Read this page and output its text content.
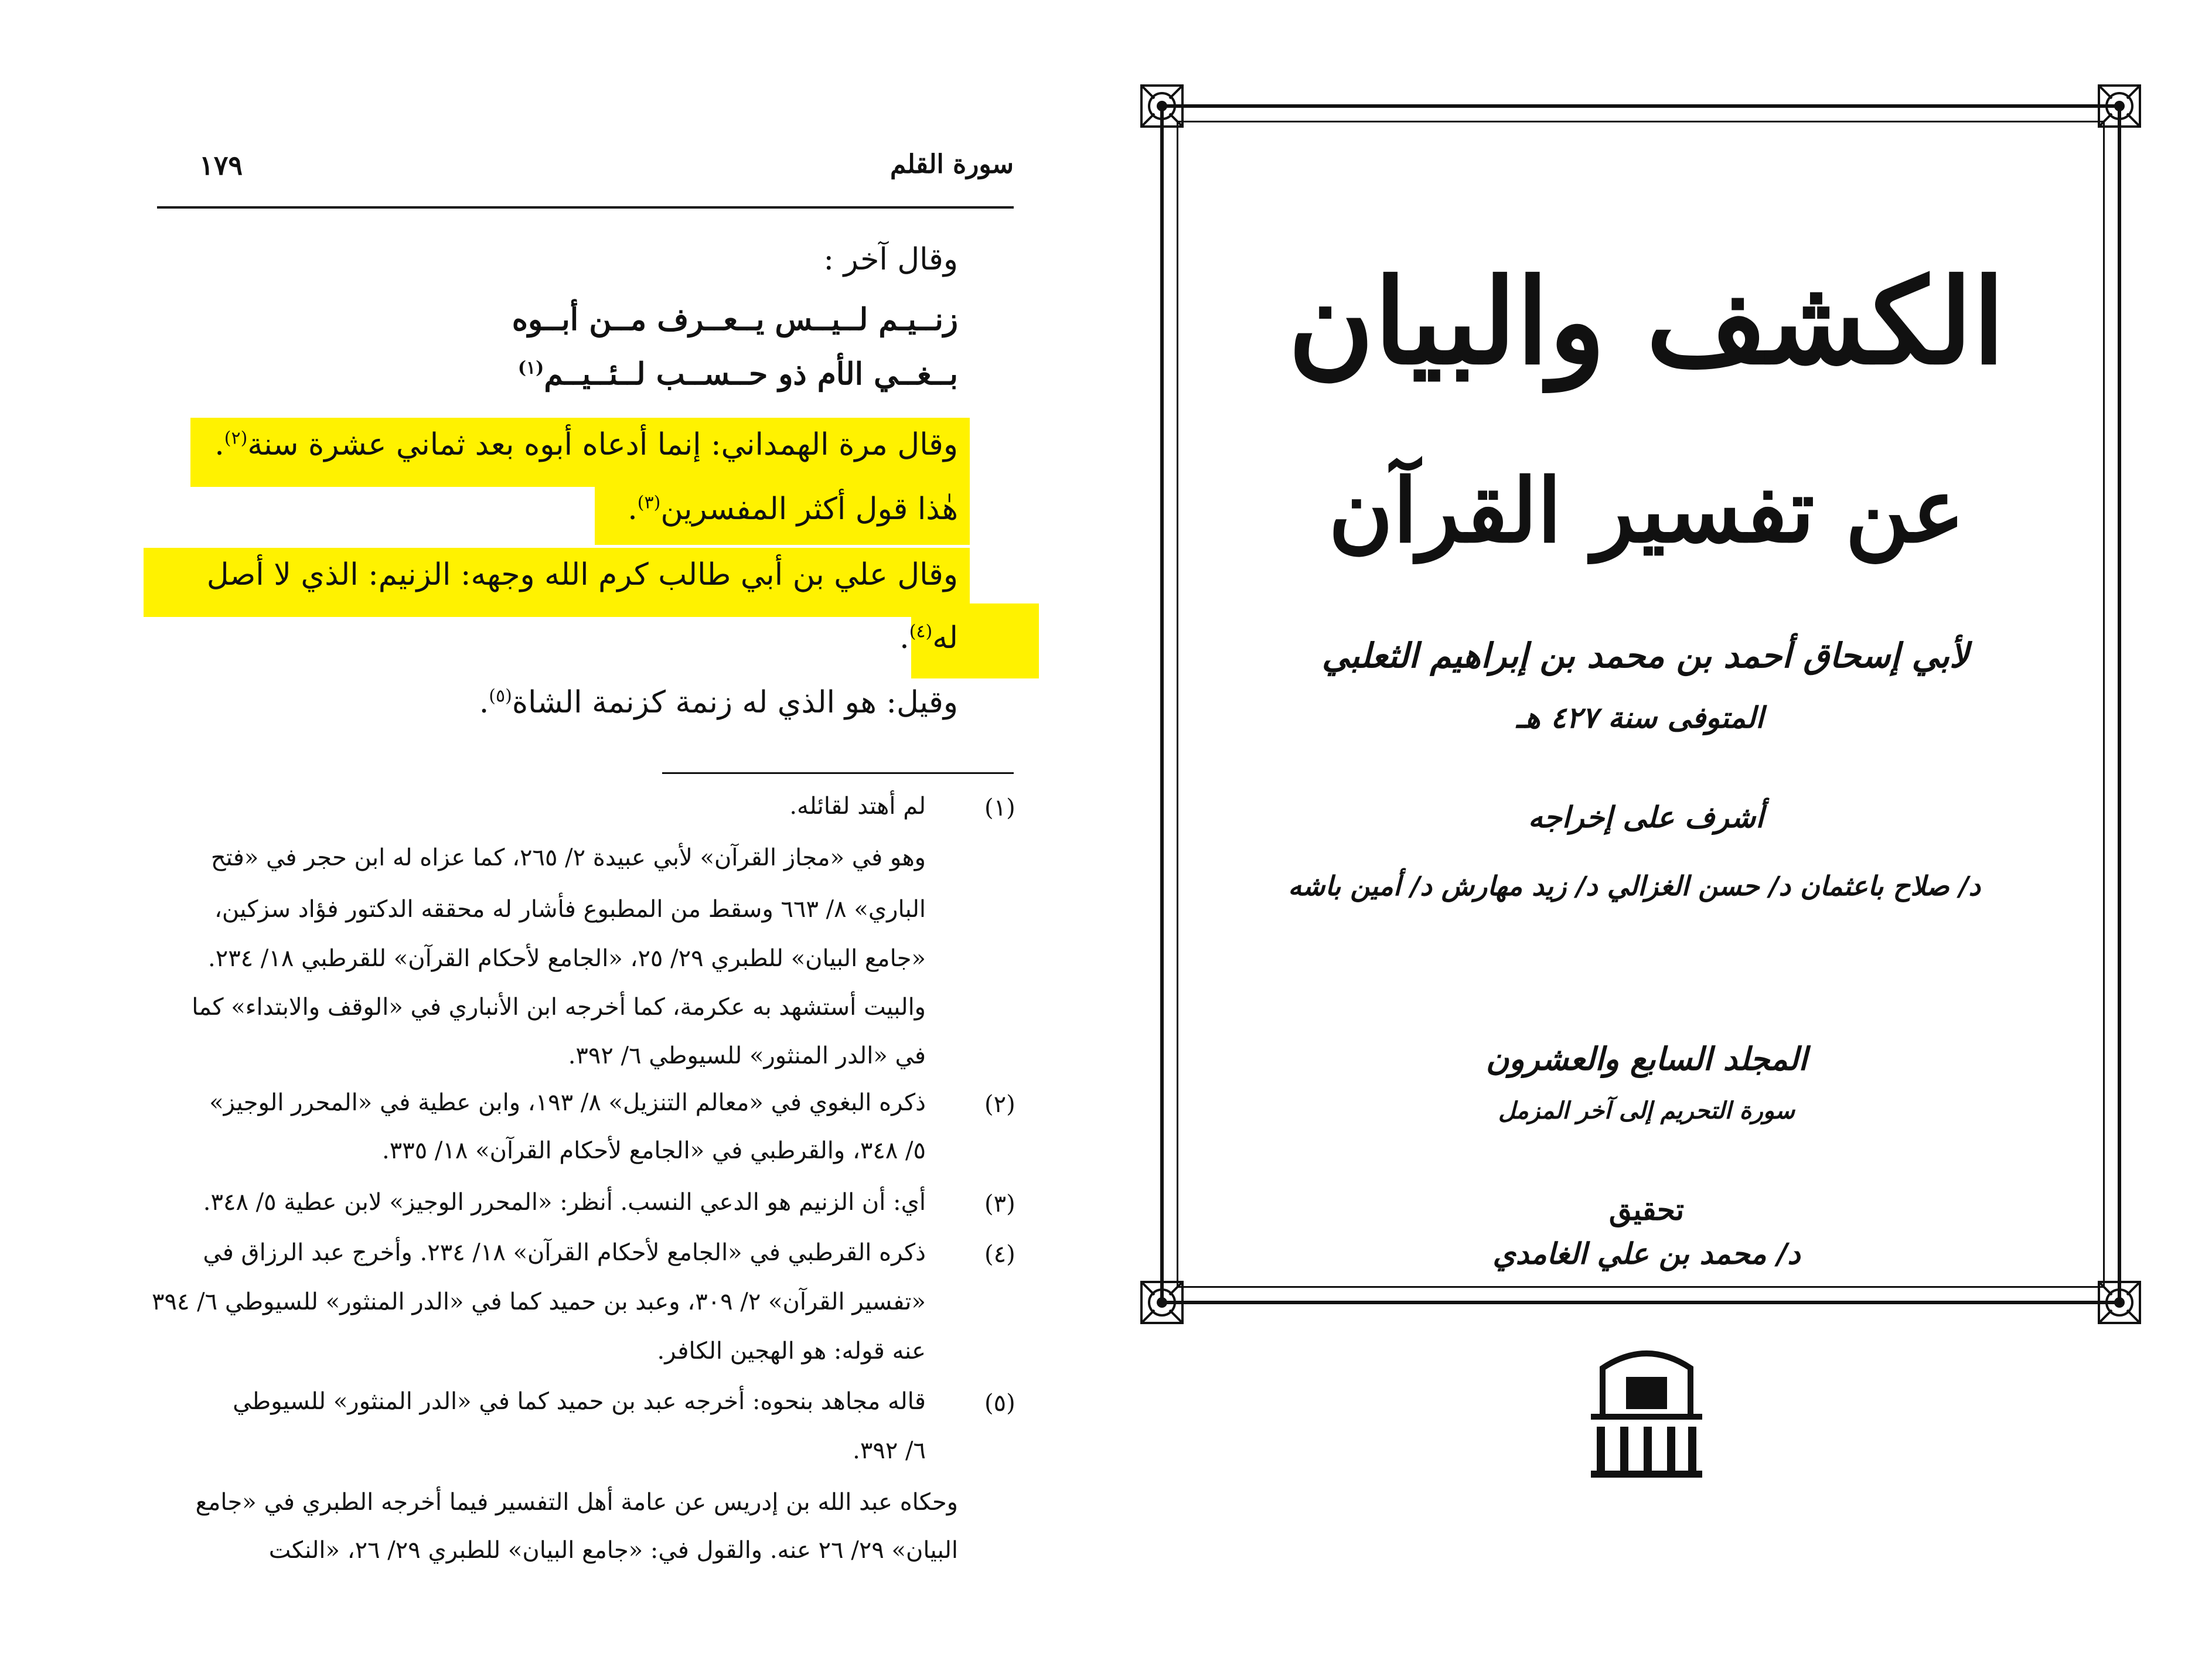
سورة القلم
١٧٩
وقال آخر :
زنــيـم لــيــس يــعــرف مــن أبــوه
بــغــي الأم ذو حــســب لــئــيــم$^{(١)}$
وقال مرة الهمداني: إنما أدعاه أبوه بعد ثماني عشرة سنة$^{(٢)}$.
هٰذا قول أكثر المفسرين$^{(٣)}$.
وقال علي بن أبي طالب كرم الله وجهه: الزنيم: الذي لا أصل
له$^{(٤)}$.
وقيل: هو الذي له زنمة كزنمة الشاة$^{(٥)}$.
(١)
لم أهتد لقائله.
وهو في «مجاز القرآن» لأبي عبيدة ٢/ ٢٦٥، كما عزاه له ابن حجر في «فتح
الباري» ٨/ ٦٦٣ وسقط من المطبوع فأشار له محققه الدكتور فؤاد سزكين،
«جامع البيان» للطبري ٢٩/ ٢٥، «الجامع لأحكام القرآن» للقرطبي ١٨/ ٢٣٤.
والبيت أستشهد به عكرمة، كما أخرجه ابن الأنباري في «الوقف والابتداء» كما
في «الدر المنثور» للسيوطي ٦/ ٣٩٢.
(٢)
ذكره البغوي في «معالم التنزيل» ٨/ ١٩٣، وابن عطية في «المحرر الوجيز»
٥/ ٣٤٨، والقرطبي في «الجامع لأحكام القرآن» ١٨/ ٣٣٥.
(٣)
أي: أن الزنيم هو الدعي النسب. أنظر: «المحرر الوجيز» لابن عطية ٥/ ٣٤٨.
(٤)
ذكره القرطبي في «الجامع لأحكام القرآن» ١٨/ ٢٣٤. وأخرج عبد الرزاق في
«تفسير القرآن» ٢/ ٣٠٩، وعبد بن حميد كما في «الدر المنثور» للسيوطي ٦/ ٣٩٤
عنه قوله: هو الهجين الكافر.
(٥)
قاله مجاهد بنحوه: أخرجه عبد بن حميد كما في «الدر المنثور» للسيوطي
٦/ ٣٩٢.
وحكاه عبد الله بن إدريس عن عامة أهل التفسير فيما أخرجه الطبري في «جامع
البيان» ٢٩/ ٢٦ عنه. والقول في: «جامع البيان» للطبري ٢٩/ ٢٦، «النكت
الكشف والبيان
عن تفسير القرآن
لأبي إسحاق أحمد بن محمد بن إبراهيم الثعلبي
المتوفى سنة ٤٢٧ هـ
أشرف على إخراجه
د/ صلاح باعثمان د/ حسن الغزالي د/ زيد مهارش د/ أمين باشه
المجلد السابع والعشرون
سورة التحريم إلى آخر المزمل
تحقيق
د/ محمد بن علي الغامدي
